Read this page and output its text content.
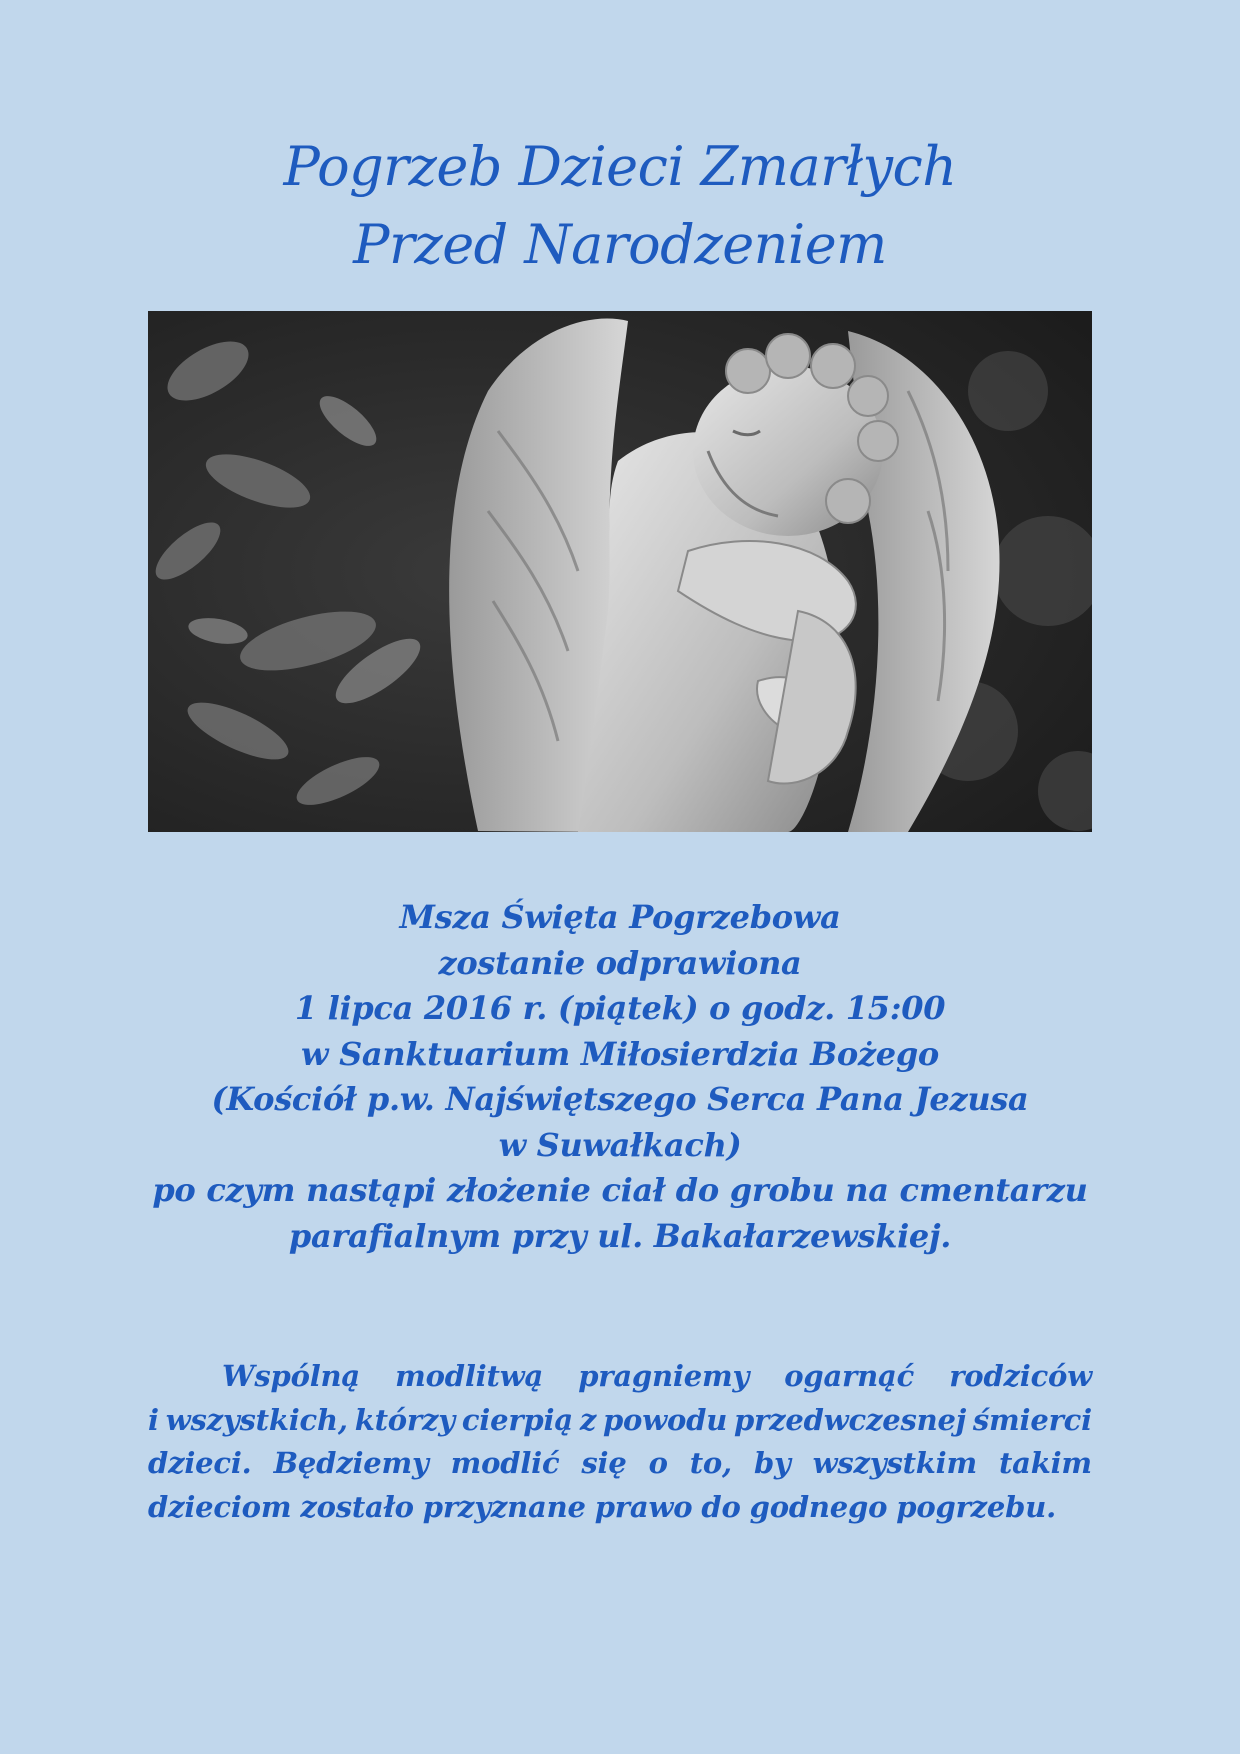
Pogrzeb Dzieci Zmarłych
Przed Narodzeniem
Msza Święta Pogrzebowa
zostanie odprawiona
1 lipca 2016 r. (piątek) o godz. 15:00
w Sanktuarium Miłosierdzia Bożego
(Kościół p.w. Najświętszego Serca Pana Jezusa
w Suwałkach)
po czym nastąpi złożenie ciał do grobu na cmentarzu
parafialnym przy ul. Bakałarzewskiej.
Wspólną modlitwą pragniemy ogarnąć rodziców
i wszystkich, którzy cierpią z powodu przedwczesnej śmierci
dzieci. Będziemy modlić się o to, by wszystkim takim
dzieciom zostało przyznane prawo do godnego pogrzebu.
